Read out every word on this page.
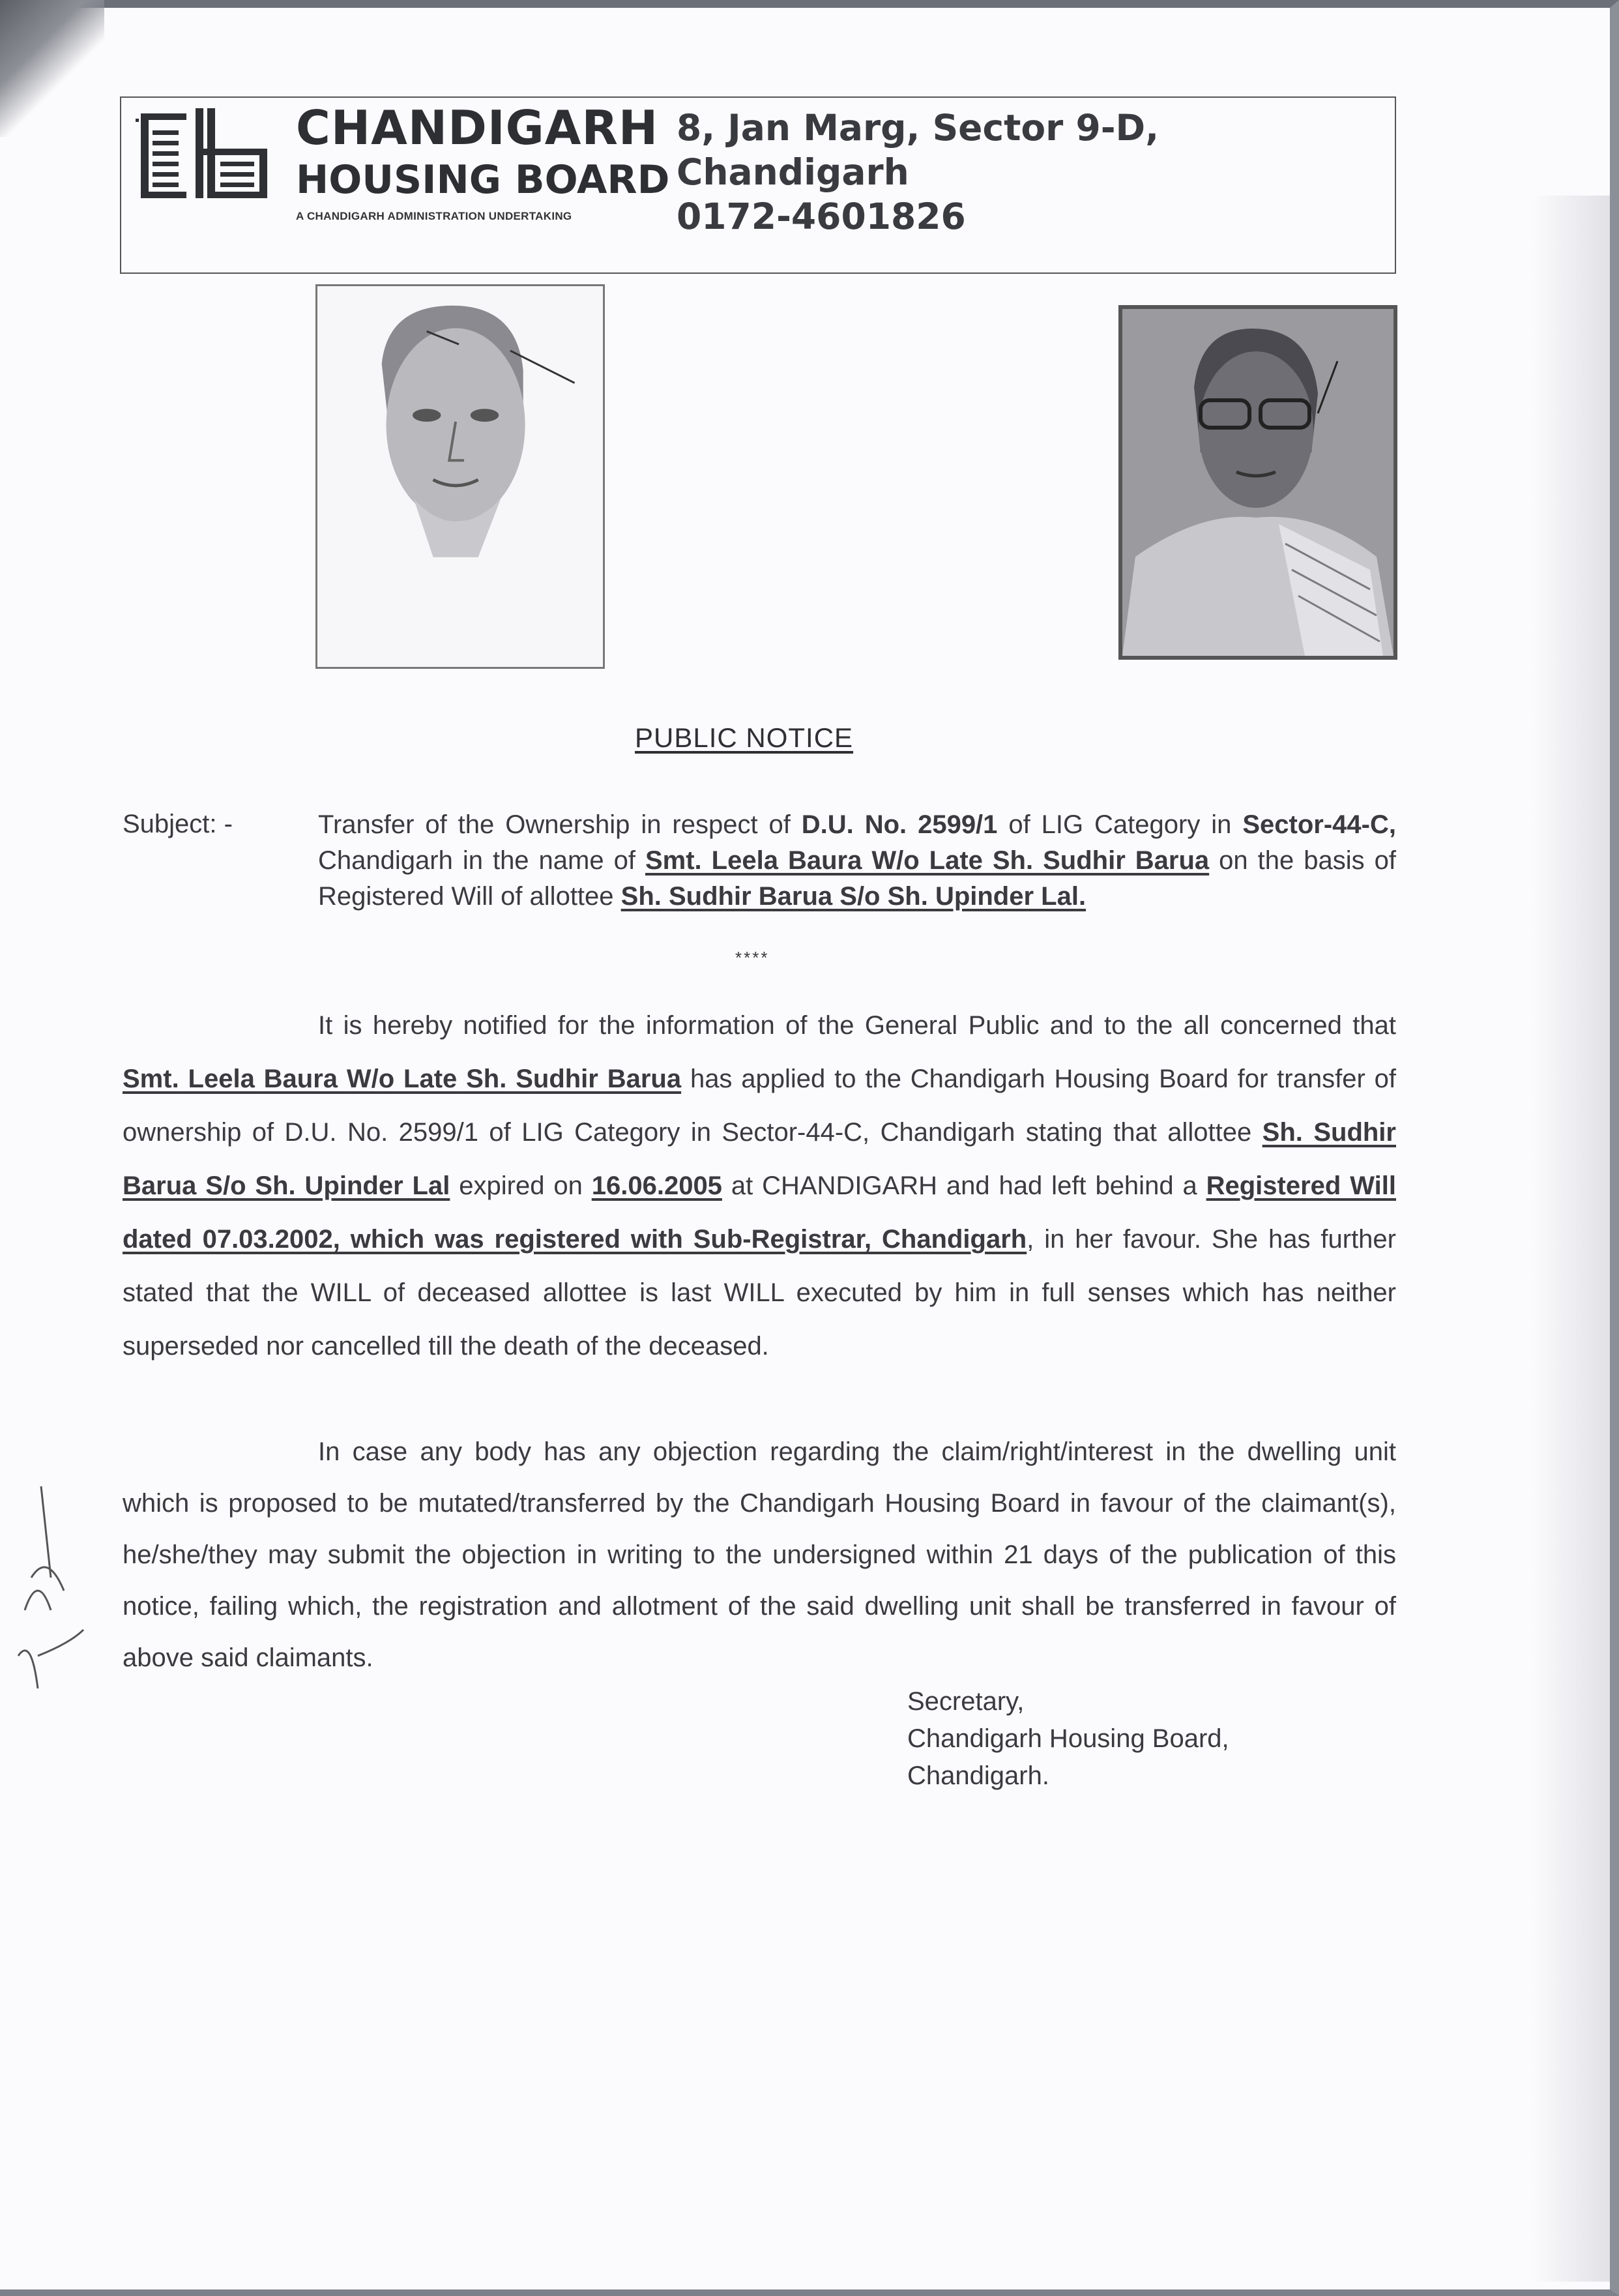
CHANDIGARH
HOUSING BOARD
A CHANDIGARH ADMINISTRATION UNDERTAKING
8, Jan Marg, Sector 9-D,
Chandigarh
0172-4601826
PUBLIC NOTICE
Subject: -	Transfer of the Ownership in respect of D.U. No. 2599/1 of LIG Category in Sector-44-C, Chandigarh in the name of Smt. Leela Baura W/o Late Sh. Sudhir Barua on the basis of Registered Will of allottee Sh. Sudhir Barua S/o Sh. Upinder Lal.
****
It is hereby notified for the information of the General Public and to the all concerned that Smt. Leela Baura W/o Late Sh. Sudhir Barua has applied to the Chandigarh Housing Board for transfer of ownership of D.U. No. 2599/1 of LIG Category in Sector-44-C, Chandigarh stating that allottee Sh. Sudhir Barua S/o Sh. Upinder Lal expired on 16.06.2005 at CHANDIGARH and had left behind a Registered Will dated 07.03.2002, which was registered with Sub-Registrar, Chandigarh, in her favour. She has further stated that the WILL of deceased allottee is last WILL executed by him in full senses which has neither superseded nor cancelled till the death of the deceased.
In case any body has any objection regarding the claim/right/interest in the dwelling unit which is proposed to be mutated/transferred by the Chandigarh Housing Board in favour of the claimant(s), he/she/they may submit the objection in writing to the undersigned within 21 days of the publication of this notice, failing which, the registration and allotment of the said dwelling unit shall be transferred in favour of above said claimants.
Secretary,
Chandigarh Housing Board,
Chandigarh.
